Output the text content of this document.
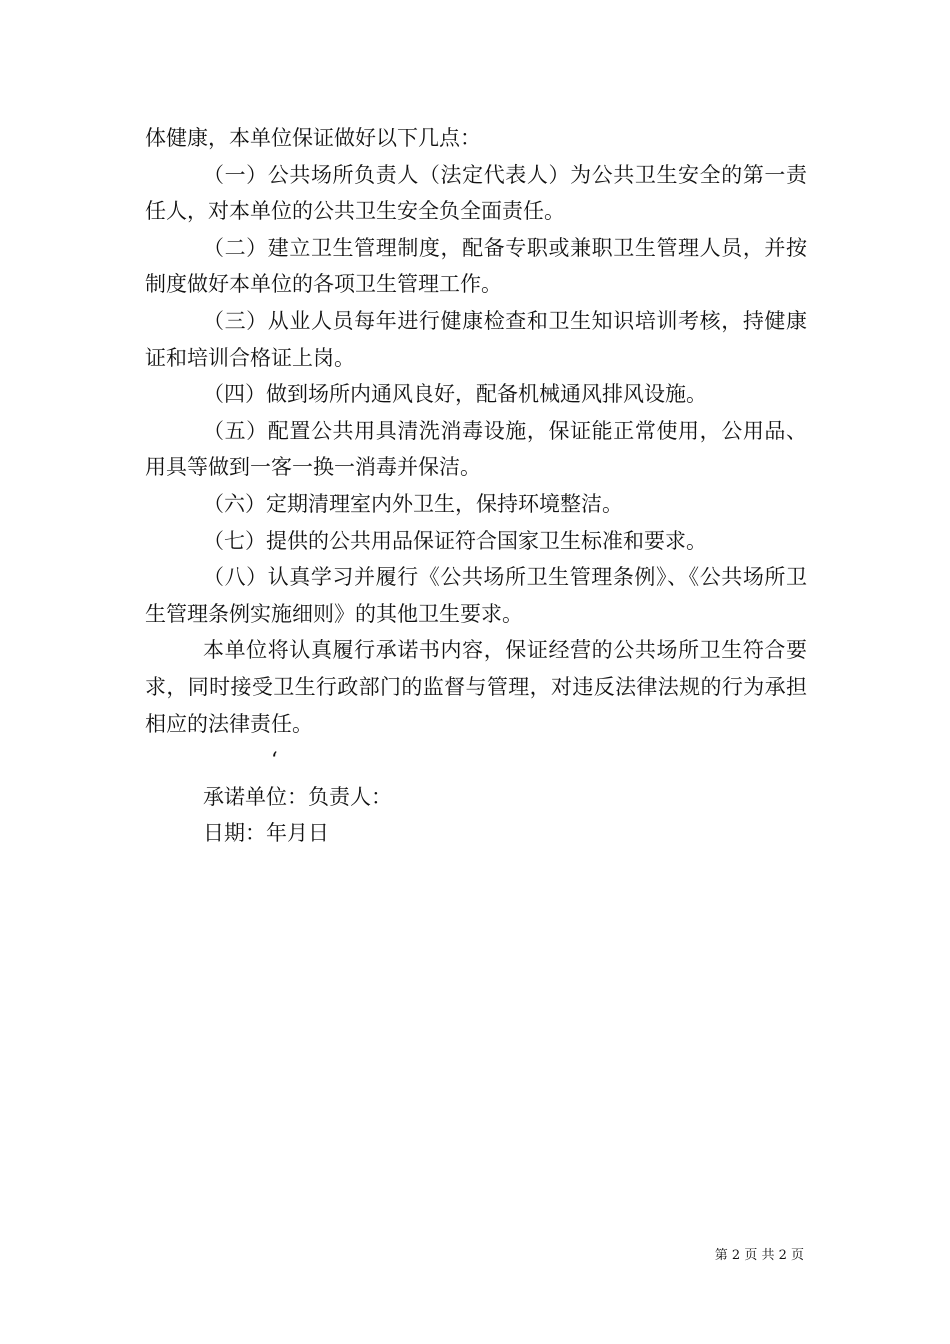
体健康，本单位保证做好以下几点：

（一）公共场所负责人（法定代表人）为公共卫生安全的第一责任人，对本单位的公共卫生安全负全面责任。

（二）建立卫生管理制度，配备专职或兼职卫生管理人员，并按制度做好本单位的各项卫生管理工作。

（三）从业人员每年进行健康检查和卫生知识培训考核，持健康证和培训合格证上岗。

（四）做到场所内通风良好，配备机械通风排风设施。

（五）配置公共用具清洗消毒设施，保证能正常使用，公用品、用具等做到一客一换一消毒并保洁。

（六）定期清理室内外卫生，保持环境整洁。

（七）提供的公共用品保证符合国家卫生标准和要求。

（八）认真学习并履行《公共场所卫生管理条例》、《公共场所卫生管理条例实施细则》的其他卫生要求。

本单位将认真履行承诺书内容，保证经营的公共场所卫生符合要求，同时接受卫生行政部门的监督与管理，对违反法律法规的行为承担相应的法律责任。

‘

承诺单位：负责人：

日期：年月日

第 2 页 共 2 页
